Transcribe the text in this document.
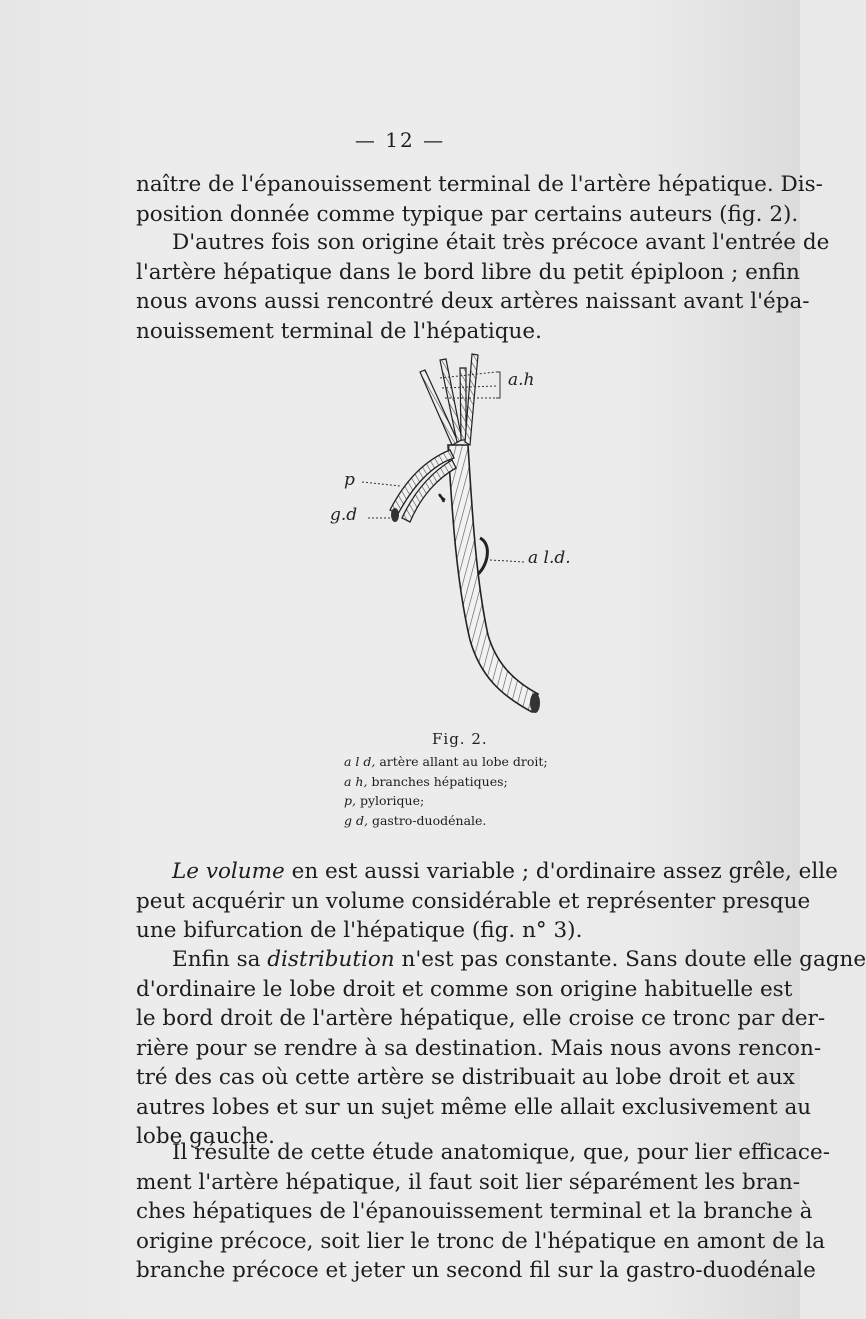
— 12 —

naître de l'épanouissement terminal de l'artère hépatique. Dis-
position donnée comme typique par certains auteurs (fig. 2).

D'autres fois son origine était très précoce avant l'entrée de
l'artère hépatique dans le bord libre du petit épiploon ; enfin
nous avons aussi rencontré deux artères naissant avant l'épa-
nouissement terminal de l'hépatique.

a.h
p
g.d
a l.d.
Fig. 2.
a l d, artère allant au lobe droit;
a h, branches hépatiques;
p, pylorique;
g d, gastro-duodénale.

Le volume en est aussi variable ; d'ordinaire assez grêle, elle
peut acquérir un volume considérable et représenter presque
une bifurcation de l'hépatique (fig. n° 3).

Enfin sa distribution n'est pas constante. Sans doute elle gagne
d'ordinaire le lobe droit et comme son origine habituelle est
le bord droit de l'artère hépatique, elle croise ce tronc par der-
rière pour se rendre à sa destination. Mais nous avons rencon-
tré des cas où cette artère se distribuait au lobe droit et aux
autres lobes et sur un sujet même elle allait exclusivement au
lobe gauche.

Il résulte de cette étude anatomique, que, pour lier efficace-
ment l'artère hépatique, il faut soit lier séparément les bran-
ches hépatiques de l'épanouissement terminal et la branche à
origine précoce, soit lier le tronc de l'hépatique en amont de la
branche précoce et jeter un second fil sur la gastro-duodénale
